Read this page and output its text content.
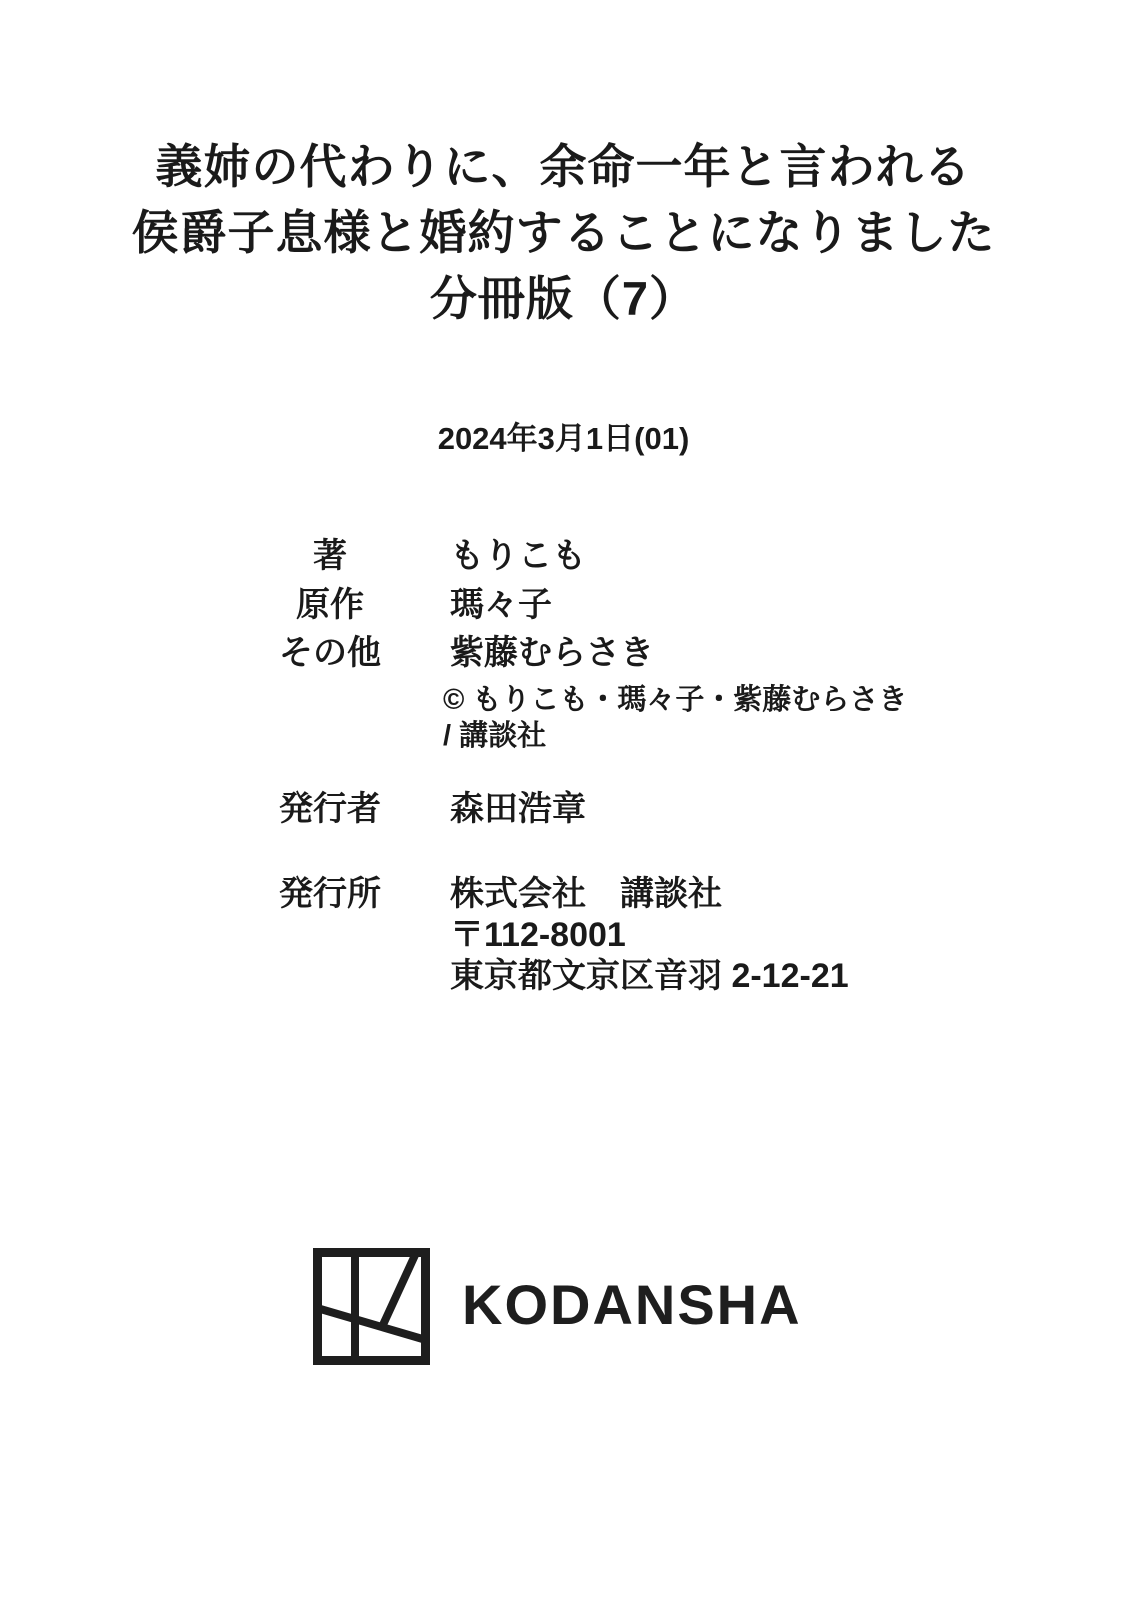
義姉の代わりに、余命一年と言われる
侯爵子息様と婚約することになりました
分冊版（7）
2024年3月1日(01)
著	もりこも
原作	瑪々子
その他	紫藤むらさき
© もりこも・瑪々子・紫藤むらさき
/ 講談社
発行者	森田浩章
発行所	株式会社　講談社
〒112-8001
東京都文京区音羽 2-12-21
KODANSHA
